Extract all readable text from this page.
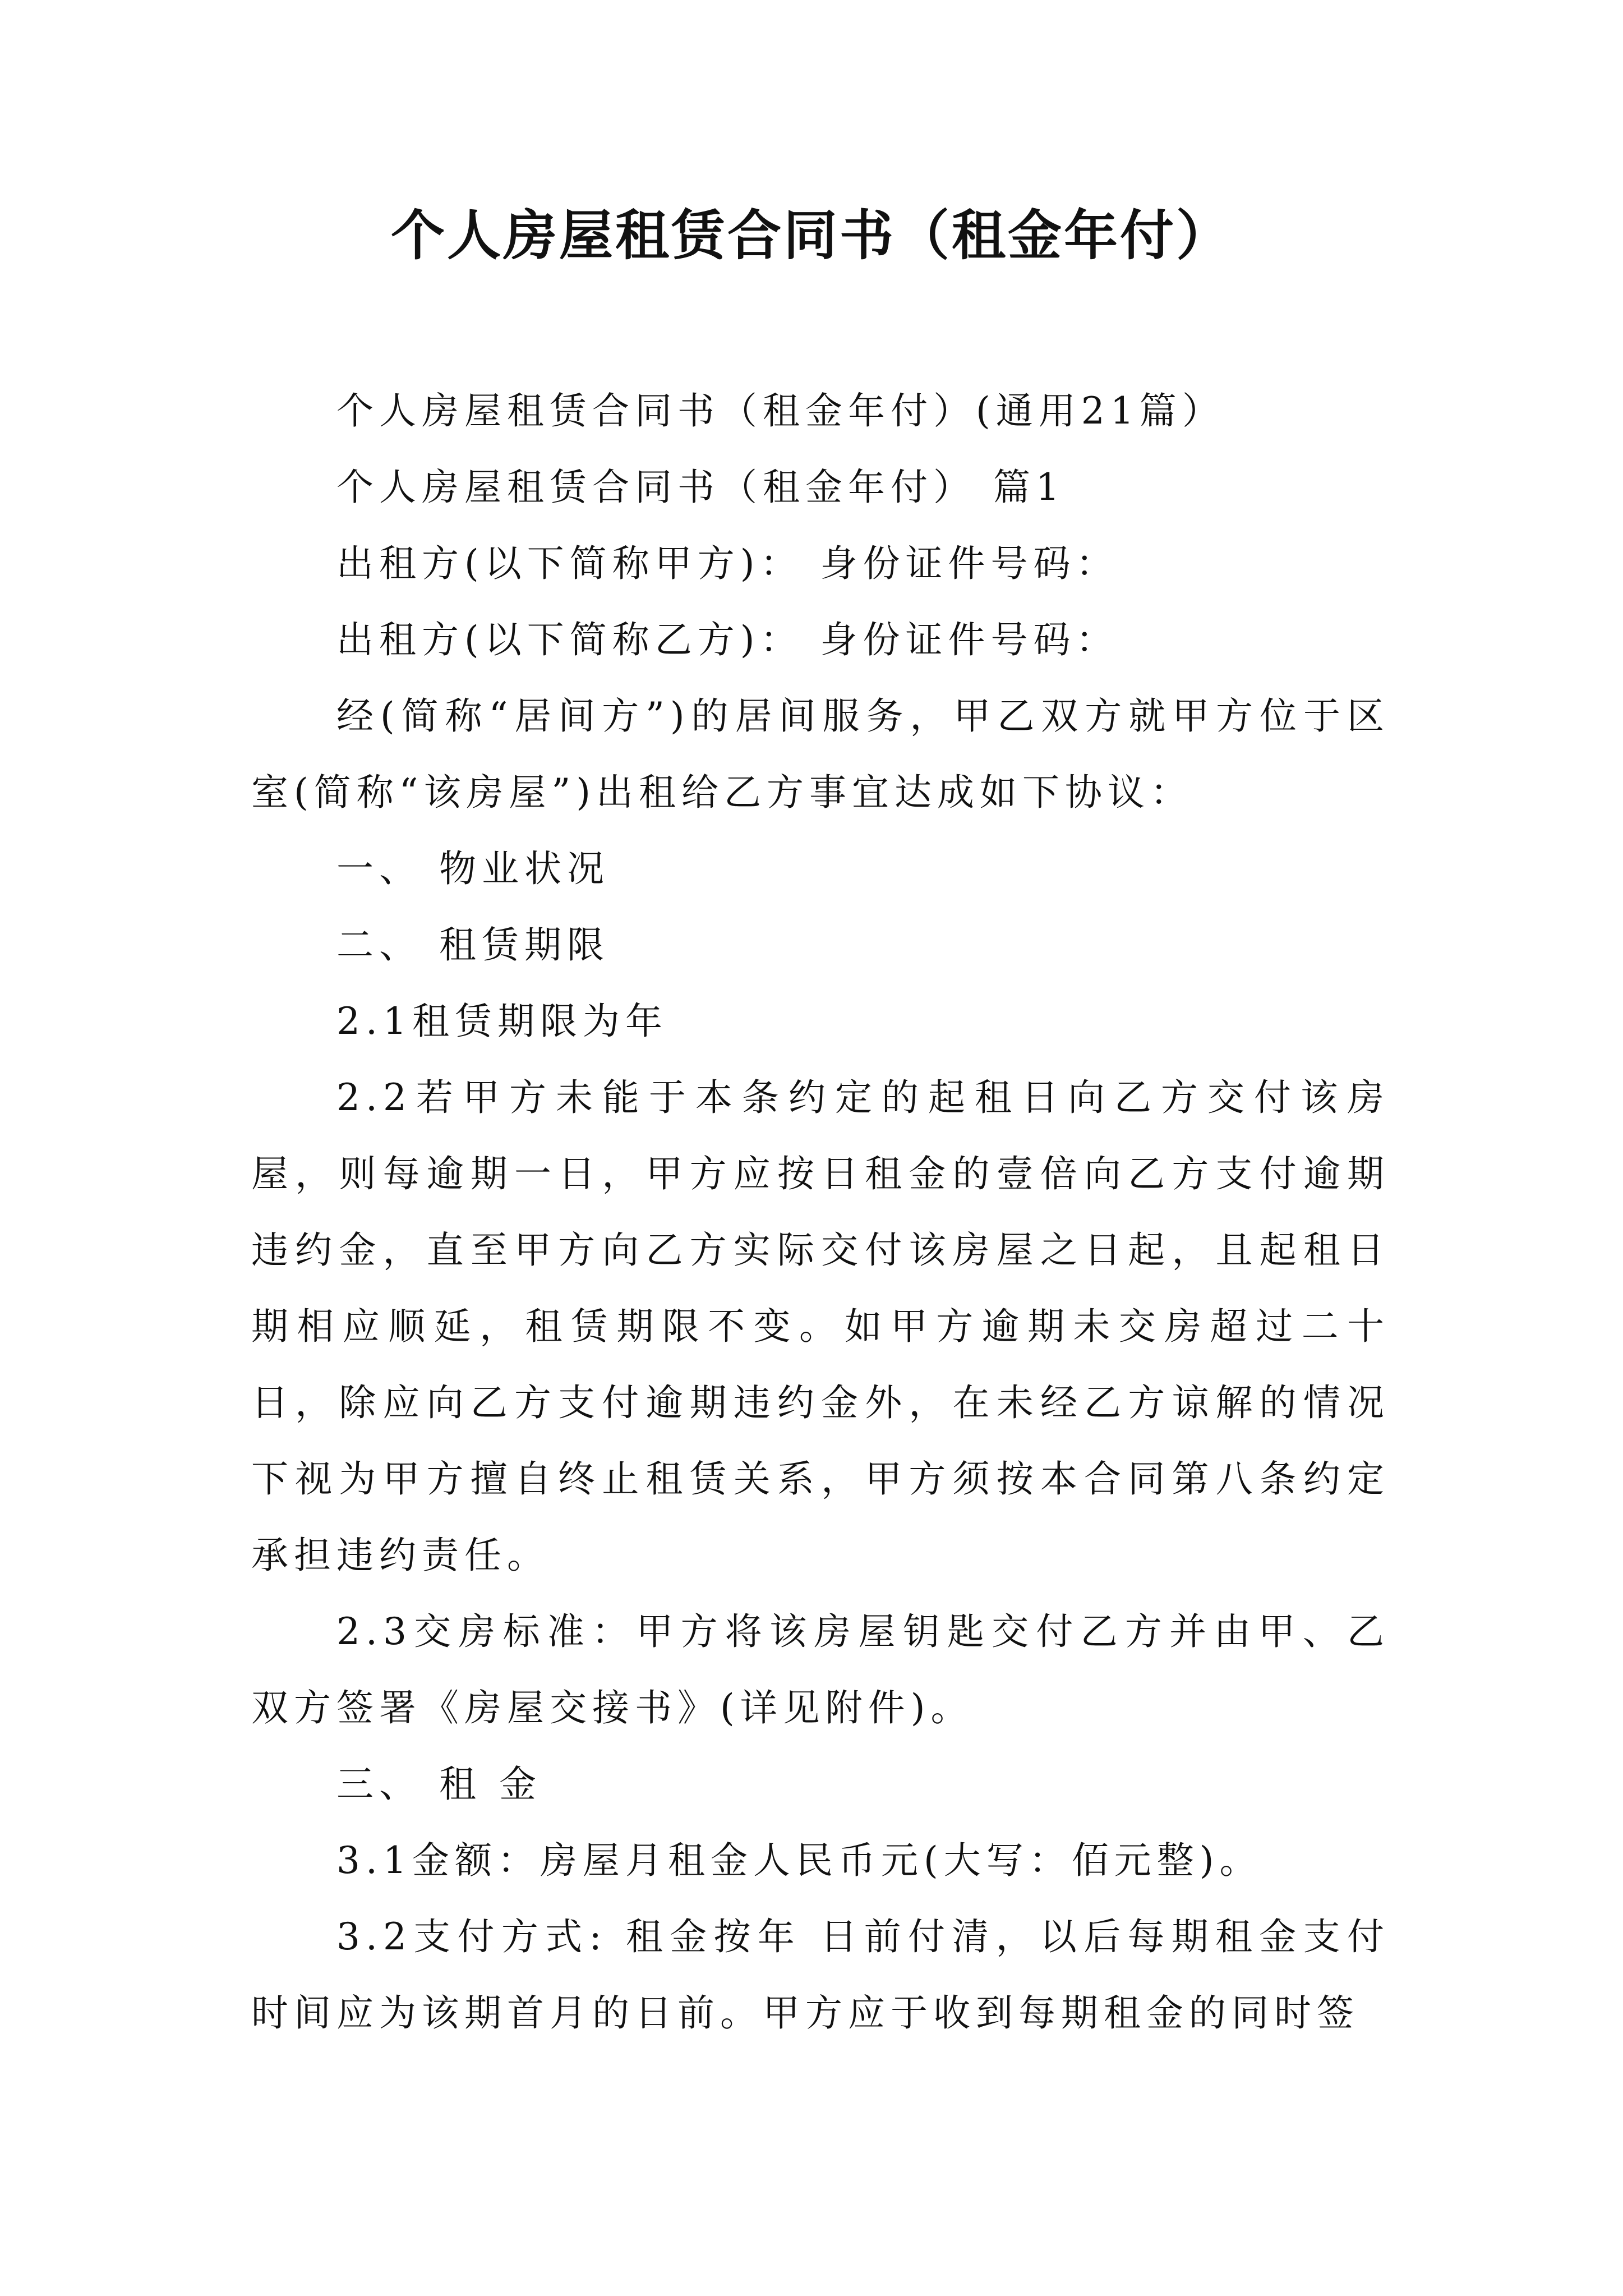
个人房屋租赁合同书（租金年付）

个人房屋租赁合同书（租金年付）(通用21篇）

个人房屋租赁合同书（租金年付） 篇1

出租方(以下简称甲方)： 身份证件号码：

出租方(以下简称乙方)： 身份证件号码：

经(简称“居间方”)的居间服务，甲乙双方就甲方位于区 室(简称“该房屋”)出租给乙方事宜达成如下协议：

一、 物业状况

二、 租赁期限

2.1租赁期限为年

2.2若甲方未能于本条约定的起租日向乙方交付该房屋，则每逾期一日，甲方应按日租金的壹倍向乙方支付逾期违约金，直至甲方向乙方实际交付该房屋之日起，且起租日期相应顺延，租赁期限不变。如甲方逾期未交房超过二十日，除应向乙方支付逾期违约金外，在未经乙方谅解的情况下视为甲方擅自终止租赁关系，甲方须按本合同第八条约定承担违约责任。

2.3交房标准：甲方将该房屋钥匙交付乙方并由甲、乙双方签署《房屋交接书》(详见附件)。

三、 租 金

3.1金额：房屋月租金人民币元(大写：佰元整)。

3.2支付方式: 租金按年 日前付清，以后每期租金支付时间应为该期首月的日前。甲方应于收到每期租金的同时签
